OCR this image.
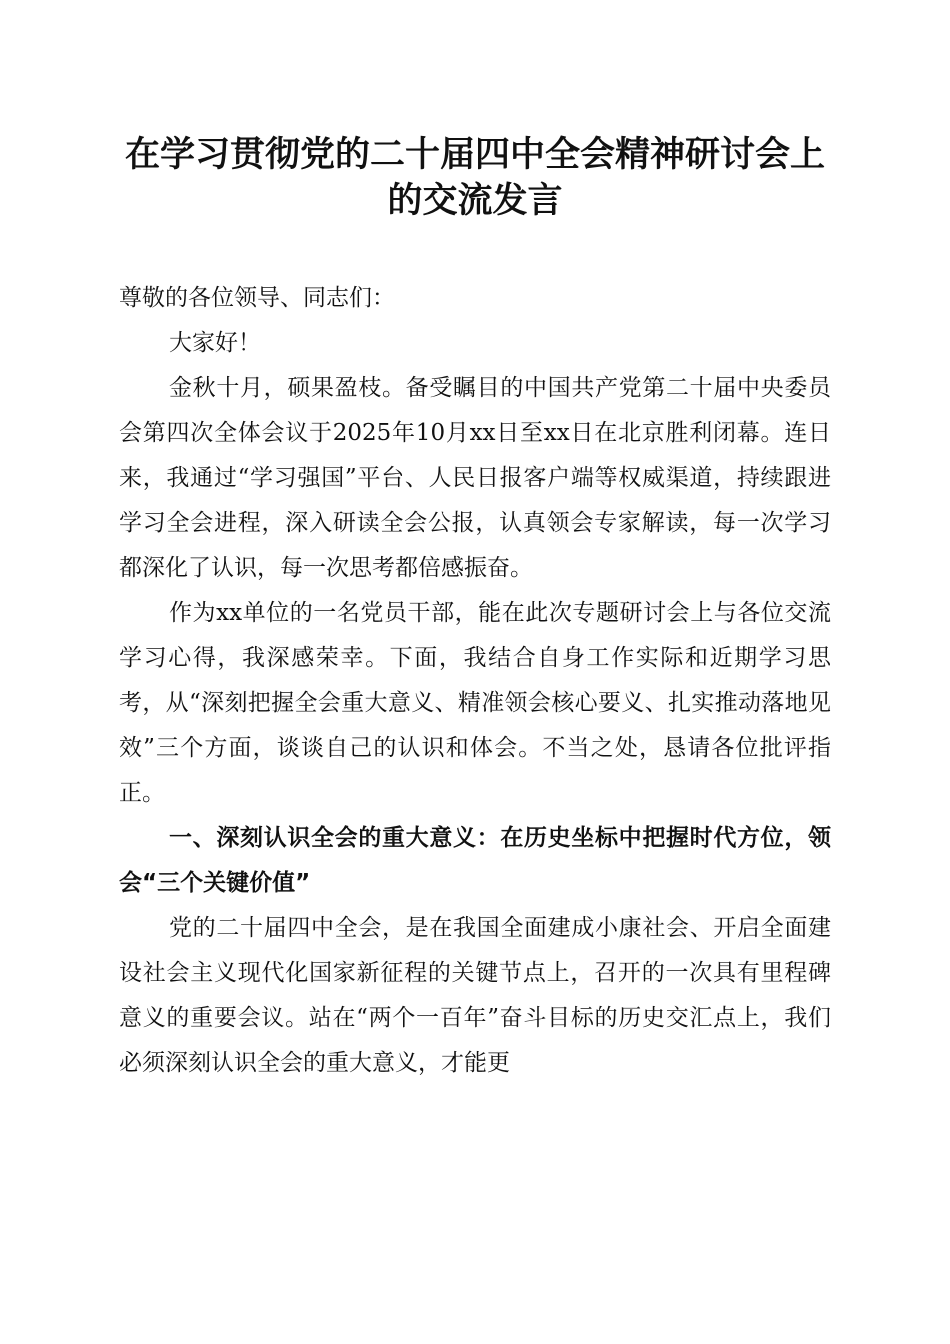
在学习贯彻党的二十届四中全会精神研讨会上
的交流发言

尊敬的各位领导、同志们：

大家好！

金秋十月，硕果盈枝。备受瞩目的中国共产党第二十届中央委员会第四次全体会议于2025年10月xx日至xx日在北京胜利闭幕。连日来，我通过“学习强国”平台、人民日报客户端等权威渠道，持续跟进学习全会进程，深入研读全会公报，认真领会专家解读，每一次学习都深化了认识，每一次思考都倍感振奋。

作为xx单位的一名党员干部，能在此次专题研讨会上与各位交流学习心得，我深感荣幸。下面，我结合自身工作实际和近期学习思考，从“深刻把握全会重大意义、精准领会核心要义、扎实推动落地见效”三个方面，谈谈自己的认识和体会。不当之处，恳请各位批评指正。

一、深刻认识全会的重大意义：在历史坐标中把握时代方位，领会“三个关键价值”

党的二十届四中全会，是在我国全面建成小康社会、开启全面建设社会主义现代化国家新征程的关键节点上，召开的一次具有里程碑意义的重要会议。站在“两个一百年”奋斗目标的历史交汇点上，我们必须深刻认识全会的重大意义，才能更
